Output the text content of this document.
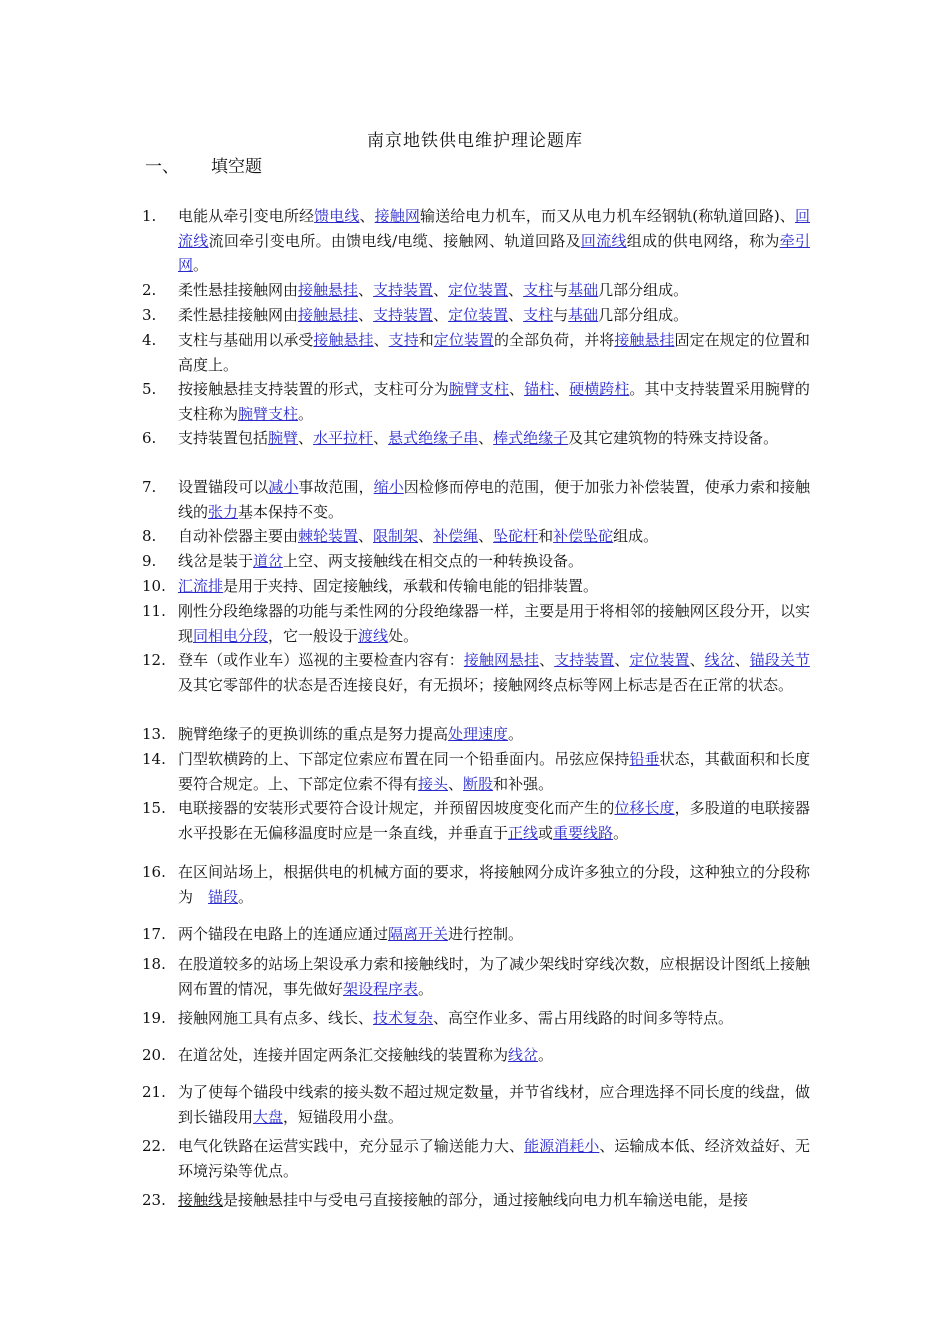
南京地铁供电维护理论题库
一、 填空题
1.	电能从牵引变电所经馈电线、接触网输送给电力机车，而又从电力机车经钢轨(称轨道回路)、回流线流回牵引变电所。由馈电线/电缆、接触网、轨道回路及回流线组成的供电网络，称为牵引网。
2.	柔性悬挂接触网由接触悬挂、支持装置、定位装置、支柱与基础几部分组成。
3.	柔性悬挂接触网由接触悬挂、支持装置、定位装置、支柱与基础几部分组成。
4.	支柱与基础用以承受接触悬挂、支持和定位装置的全部负荷，并将接触悬挂固定在规定的位置和高度上。
5.	按接触悬挂支持装置的形式，支柱可分为腕臂支柱、锚柱、硬横跨柱。其中支持装置采用腕臂的支柱称为腕臂支柱。
6.	支持装置包括腕臂、水平拉杆、悬式绝缘子串、棒式绝缘子及其它建筑物的特殊支持设备。
7.	设置锚段可以减小事故范围，缩小因检修而停电的范围，便于加张力补偿装置，使承力索和接触线的张力基本保持不变。
8.	自动补偿器主要由棘轮装置、限制架、补偿绳、坠砣杆和补偿坠砣组成。
9.	线岔是装于道岔上空、两支接触线在相交点的一种转换设备。
10. 汇流排是用于夹持、固定接触线，承载和传输电能的铝排装置。
11. 刚性分段绝缘器的功能与柔性网的分段绝缘器一样，主要是用于将相邻的接触网区段分开，以实现同相电分段，它一般设于渡线处。
12. 登车（或作业车）巡视的主要检查内容有：接触网悬挂、支持装置、定位装置、线岔、锚段关节及其它零部件的状态是否连接良好，有无损坏；接触网终点标等网上标志是否在正常的状态。
13. 腕臂绝缘子的更换训练的重点是努力提高处理速度。
14. 门型软横跨的上、下部定位索应布置在同一个铅垂面内。吊弦应保持铅垂状态，其截面积和长度要符合规定。上、下部定位索不得有接头、断股和补强。
15. 电联接器的安装形式要符合设计规定，并预留因坡度变化而产生的位移长度，多股道的电联接器水平投影在无偏移温度时应是一条直线，并垂直于正线或重要线路。
16. 在区间站场上，根据供电的机械方面的要求，将接触网分成许多独立的分段，这种独立的分段称为　锚段。
17. 两个锚段在电路上的连通应通过隔离开关进行控制。
18. 在股道较多的站场上架设承力索和接触线时，为了减少架线时穿线次数，应根据设计图纸上接触网布置的情况，事先做好架设程序表。
19. 接触网施工具有点多、线长、技术复杂、高空作业多、需占用线路的时间多等特点。
20. 在道岔处，连接并固定两条汇交接触线的装置称为线岔。
21. 为了使每个锚段中线索的接头数不超过规定数量，并节省线材，应合理选择不同长度的线盘，做到长锚段用大盘，短锚段用小盘。
22. 电气化铁路在运营实践中，充分显示了输送能力大、能源消耗小、运输成本低、经济效益好、无环境污染等优点。
23. 接触线是接触悬挂中与受电弓直接接触的部分，通过接触线向电力机车输送电能，是接
